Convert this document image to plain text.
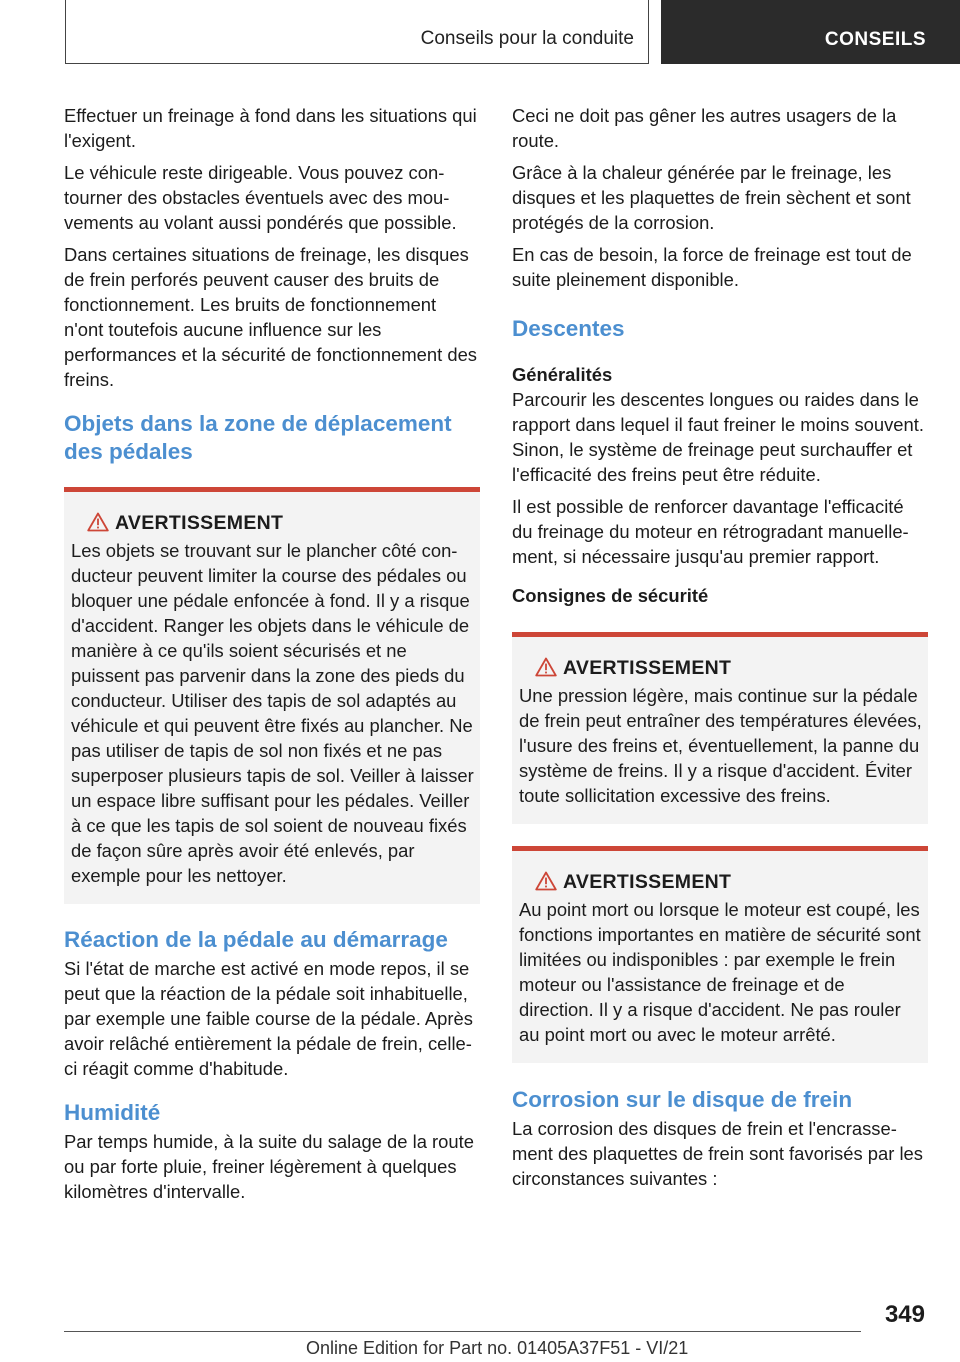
Conseils pour la conduite	CONSEILS

Effectuer un freinage à fond dans les situations qui l'exigent.

Le véhicule reste dirigeable. Vous pouvez contourner des obstacles éventuels avec des mouvements au volant aussi pondérés que possible.

Dans certaines situations de freinage, les disques de frein perforés peuvent causer des bruits de fonctionnement. Les bruits de fonctionnement n'ont toutefois aucune influence sur les performances et la sécurité de fonctionnement des freins.

Objets dans la zone de déplacement des pédales
AVERTISSEMENT
Les objets se trouvant sur le plancher côté conducteur peuvent limiter la course des pédales ou bloquer une pédale enfoncée à fond. Il y a risque d'accident. Ranger les objets dans le véhicule de manière à ce qu'ils soient sécurisés et ne puissent pas parvenir dans la zone des pieds du conducteur. Utiliser des tapis de sol adaptés au véhicule et qui peuvent être fixés au plancher. Ne pas utiliser de tapis de sol non fixés et ne pas superposer plusieurs tapis de sol. Veiller à laisser un espace libre suffisant pour les pédales. Veiller à ce que les tapis de sol soient de nouveau fixés de façon sûre après avoir été enlevés, par exemple pour les nettoyer.
Réaction de la pédale au démarrage

Si l'état de marche est activé en mode repos, il se peut que la réaction de la pédale soit inhabituelle, par exemple une faible course de la pédale. Après avoir relâché entièrement la pédale de frein, celle-ci réagit comme d'habitude.

Humidité

Par temps humide, à la suite du salage de la route ou par forte pluie, freiner légèrement à quelques kilomètres d'intervalle.

Ceci ne doit pas gêner les autres usagers de la route.

Grâce à la chaleur générée par le freinage, les disques et les plaquettes de frein sèchent et sont protégés de la corrosion.

En cas de besoin, la force de freinage est tout de suite pleinement disponible.

Descentes
Généralités

Parcourir les descentes longues ou raides dans le rapport dans lequel il faut freiner le moins souvent. Sinon, le système de freinage peut surchauffer et l'efficacité des freins peut être réduite.

Il est possible de renforcer davantage l'efficacité du freinage du moteur en rétrogradant manuellement, si nécessaire jusqu'au premier rapport.

Consignes de sécurité
AVERTISSEMENT
Une pression légère, mais continue sur la pédale de frein peut entraîner des températures élevées, l'usure des freins et, éventuellement, la panne du système de freins. Il y a risque d'accident. Éviter toute sollicitation excessive des freins.
AVERTISSEMENT
Au point mort ou lorsque le moteur est coupé, les fonctions importantes en matière de sécurité sont limitées ou indisponibles : par exemple le frein moteur ou l'assistance de freinage et de direction. Il y a risque d'accident. Ne pas rouler au point mort ou avec le moteur arrêté.
Corrosion sur le disque de frein

La corrosion des disques de frein et l'encrassement des plaquettes de frein sont favorisés par les circonstances suivantes :

349
Online Edition for Part no. 01405A37F51 - VI/21
